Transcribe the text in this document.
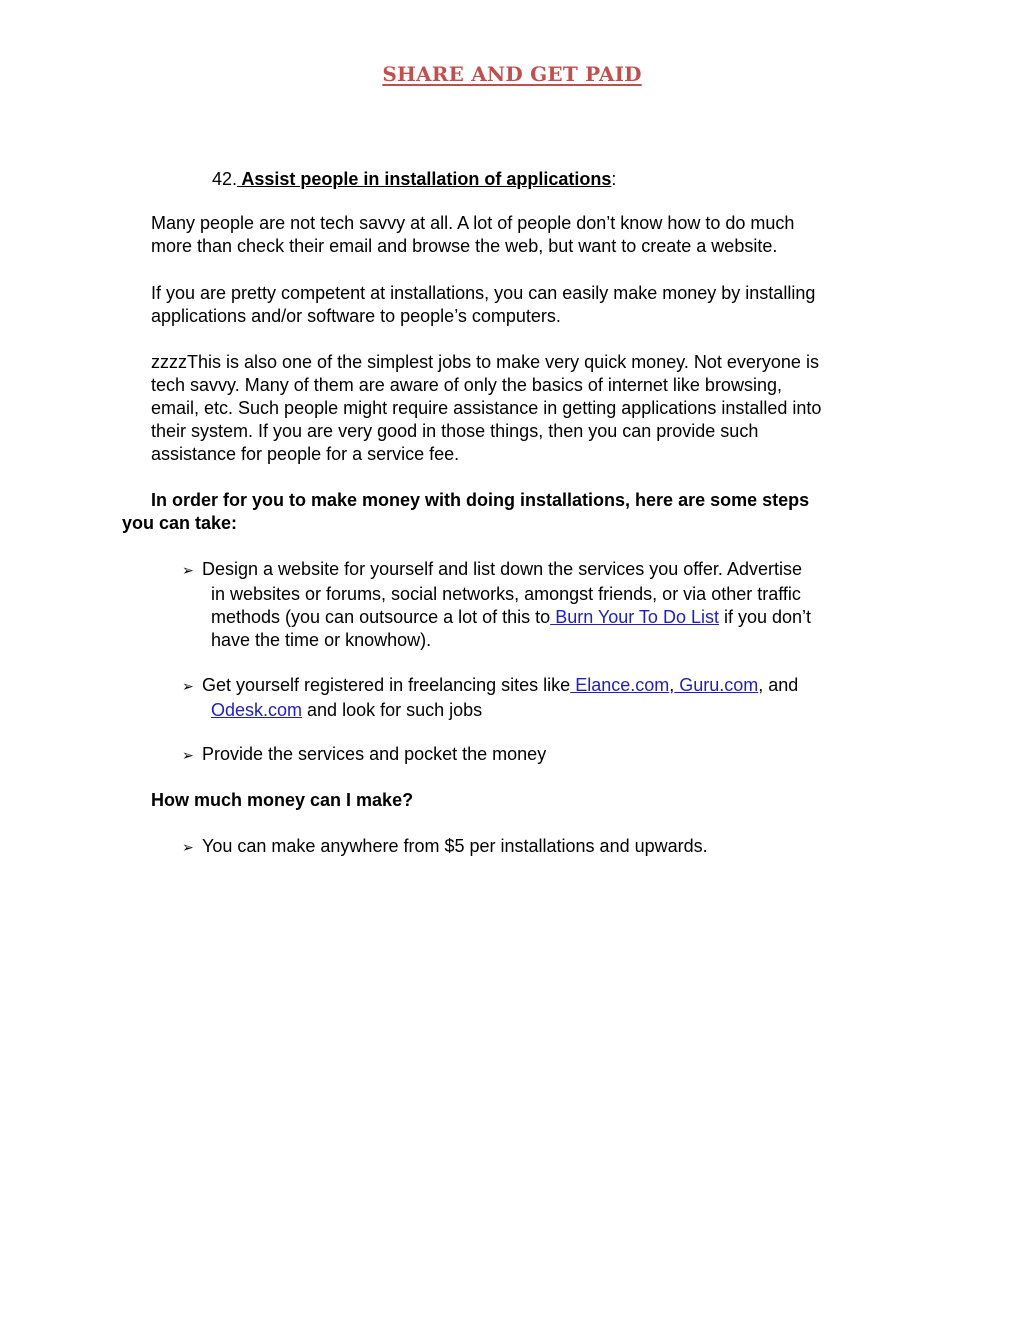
SHARE AND GET PAID
42. Assist people in installation of applications:
Many people are not tech savvy at all. A lot of people don’t know how to do much
more than check their email and browse the web, but want to create a website.
If you are pretty competent at installations, you can easily make money by installing
applications and/or software to people’s computers.
zzzzThis is also one of the simplest jobs to make very quick money. Not everyone is
tech savvy. Many of them are aware of only the basics of internet like browsing,
email, etc. Such people might require assistance in getting applications installed into
their system. If you are very good in those things, then you can provide such
assistance for people for a service fee.
In order for you to make money with doing installations, here are some steps
you can take:
➢ Design a website for yourself and list down the services you offer. Advertise
in websites or forums, social networks, amongst friends, or via other traffic
methods (you can outsource a lot of this to Burn Your To Do List if you don’t
have the time or knowhow).
➢ Get yourself registered in freelancing sites like Elance.com, Guru.com, and
Odesk.com and look for such jobs
➢ Provide the services and pocket the money
How much money can I make?
➢ You can make anywhere from $5 per installations and upwards.
